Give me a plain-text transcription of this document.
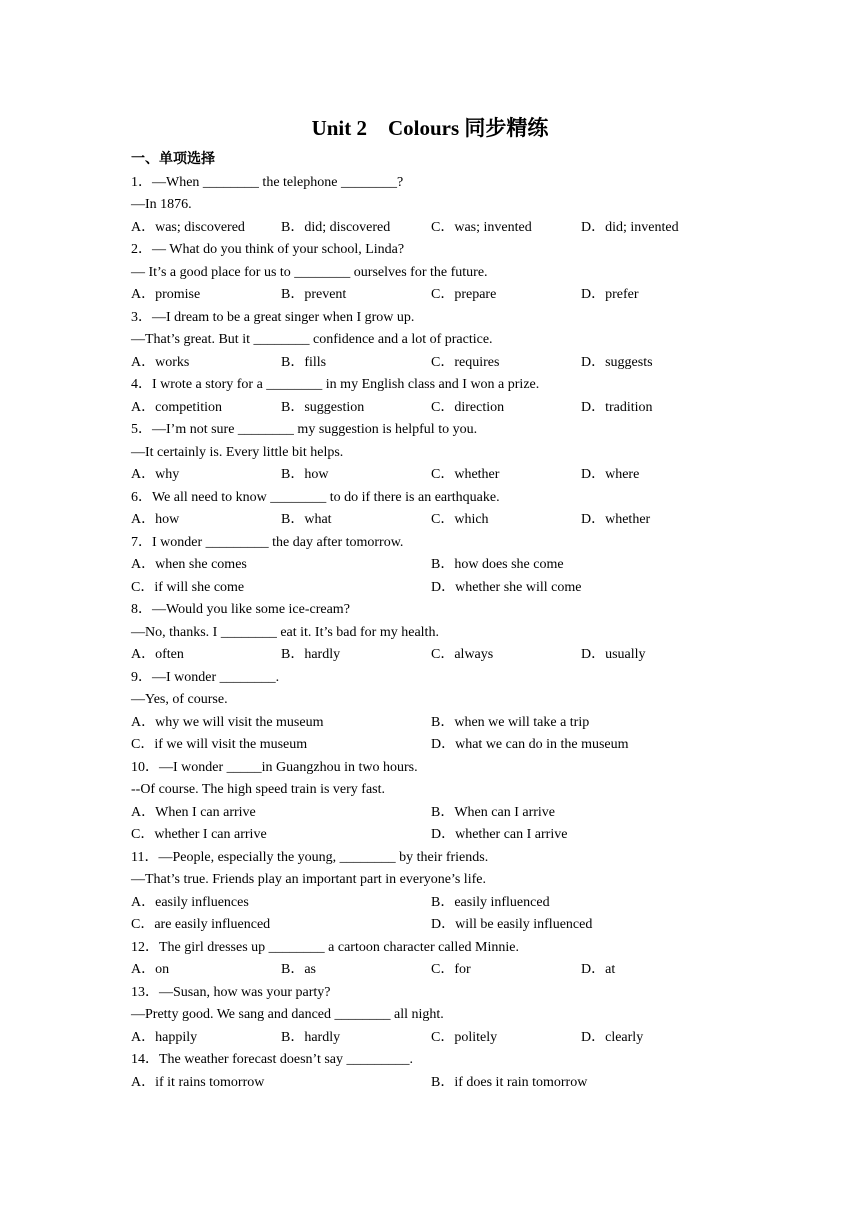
Unit 2　Colours 同步精练
一、单项选择
1．—When ________ the telephone ________?
—In 1876.
A．was; discovered	B．did; discovered	C．was; invented	D．did; invented
2．— What do you think of your school, Linda?
— It’s a good place for us to ________ ourselves for the future.
A．promise	B．prevent	C．prepare	D．prefer
3．—I dream to be a great singer when I grow up.
—That’s great. But it ________ confidence and a lot of practice.
A．works	B．fills	C．requires	D．suggests
4．I wrote a story for a ________ in my English class and I won a prize.
A．competition	B．suggestion	C．direction	D．tradition
5．—I’m not sure ________ my suggestion is helpful to you.
—It certainly is. Every little bit helps.
A．why	B．how	C．whether	D．where
6．We all need to know ________ to do if there is an earthquake.
A．how	B．what	C．which	D．whether
7．I wonder _________ the day after tomorrow.
A．when she comes	B．how does she come
C．if will she come	D．whether she will come
8．—Would you like some ice-cream?
—No, thanks. I ________ eat it. It’s bad for my health.
A．often	B．hardly	C．always	D．usually
9．—I wonder ________.
—Yes, of course.
A．why we will visit the museum	B．when we will take a trip
C．if we will visit the museum	D．what we can do in the museum
10．—I wonder _____in Guangzhou in two hours.
--Of course. The high speed train is very fast.
A．When I can arrive	B．When can I arrive
C．whether I can arrive	D．whether can I arrive
11．—People, especially the young, ________ by their friends.
—That’s true. Friends play an important part in everyone’s life.
A．easily influences	B．easily influenced
C．are easily influenced	D．will be easily influenced
12．The girl dresses up ________ a cartoon character called Minnie.
A．on	B．as	C．for	D．at
13．—Susan, how was your party?
—Pretty good. We sang and danced ________ all night.
A．happily	B．hardly	C．politely	D．clearly
14．The weather forecast doesn’t say _________.
A．if it rains tomorrow	B．if does it rain tomorrow
